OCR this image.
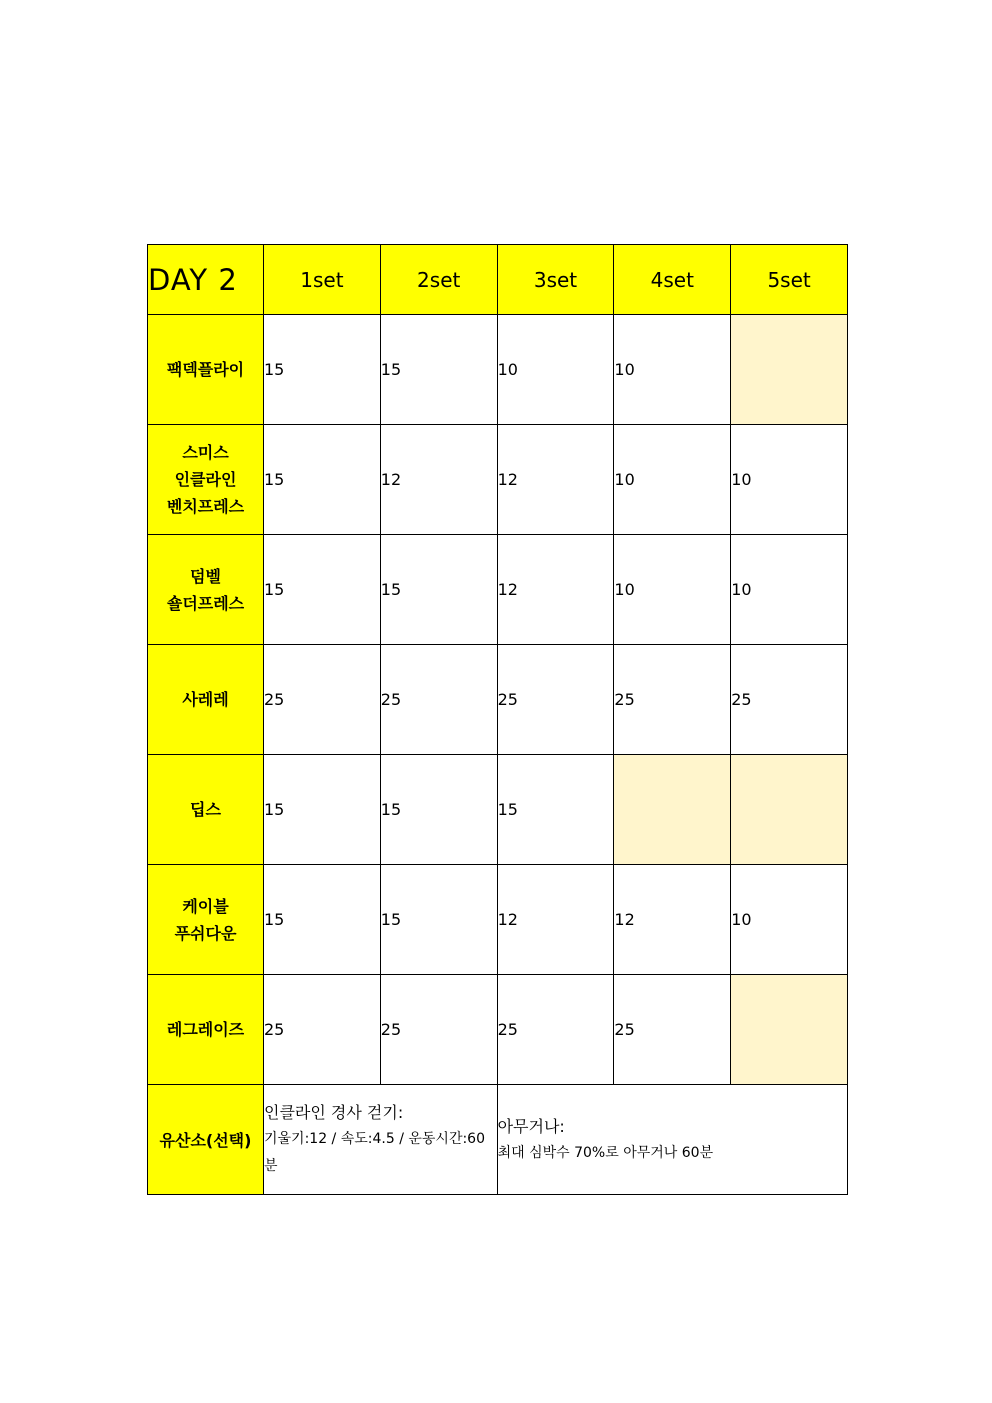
DAY 2	1set	2set	3set	4set	5set
팩덱플라이	15	15	10	10	
스미스
인클라인
벤치프레스	15	12	12	10	10
덤벨
숄더프레스	15	15	12	10	10
사레레	25	25	25	25	25
딥스	15	15	15		
케이블
푸쉬다운	15	15	12	12	10
레그레이즈	25	25	25	25	
유산소(선택)	인클라인 경사 걷기:
기울기:12 / 속도:4.5 / 운동시간:60분		아무거나:
최대 심박수 70%로 아무거나 60분		
